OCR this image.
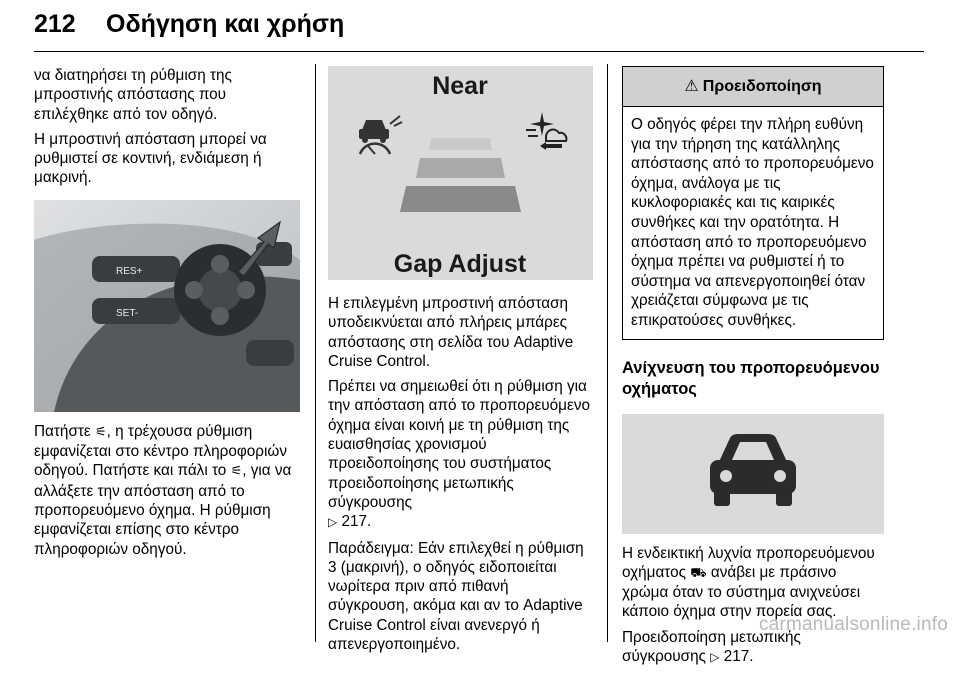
212 Οδήγηση και χρήση

να διατηρήσει τη ρύθμιση της μπροστινής απόστασης που επιλέχθηκε από τον οδηγό.

Η μπροστινή απόσταση μπορεί να ρυθμιστεί σε κοντινή, ενδιάμεση ή μακρινή.

RES+
SET-

Πατήστε ⚟, η τρέχουσα ρύθμιση εμφανίζεται στο κέντρο πληροφοριών οδηγού. Πατήστε και πάλι το ⚟, για να αλλάξετε την απόσταση από το προπορευόμενο όχημα. Η ρύθμιση εμφανίζεται επίσης στο κέντρο πληροφοριών οδηγού.

Near
Gap Adjust

Η επιλεγμένη μπροστινή απόσταση υποδεικνύεται από πλήρεις μπάρες απόστασης στη σελίδα του Adaptive Cruise Control.

Πρέπει να σημειωθεί ότι η ρύθμιση για την απόσταση από το προπορευόμενο όχημα είναι κοινή με τη ρύθμιση της ευαισθησίας χρονισμού προειδοποίησης του συστήματος προειδοποίησης μετωπικής σύγκρουσης
▷ 217.

Παράδειγμα: Εάν επιλεχθεί η ρύθμιση 3 (μακρινή), ο οδηγός ειδοποιείται νωρίτερα πριν από πιθανή σύγκρουση, ακόμα και αν το Adaptive Cruise Control είναι ανενεργό ή απενεργοποιημένο.

⚠ Προειδοποίηση
Ο οδηγός φέρει την πλήρη ευθύνη για την τήρηση της κατάλληλης απόστασης από το προπορευόμενο όχημα, ανάλογα με τις κυκλοφοριακές και τις καιρικές συνθήκες και την ορατότητα. Η απόσταση από το προπορευόμενο όχημα πρέπει να ρυθμιστεί ή το σύστημα να απενεργοποιηθεί όταν χρειάζεται σύμφωνα με τις επικρατούσες συνθήκες.
Ανίχνευση του προπορευόμενου οχήματος

Η ενδεικτική λυχνία προπορευόμενου οχήματος ⛟ ανάβει με πράσινο χρώμα όταν το σύστημα ανιχνεύσει κάποιο όχημα στην πορεία σας.

Προειδοποίηση μετωπικής σύγκρουσης ▷ 217.

carmanualsonline.info
